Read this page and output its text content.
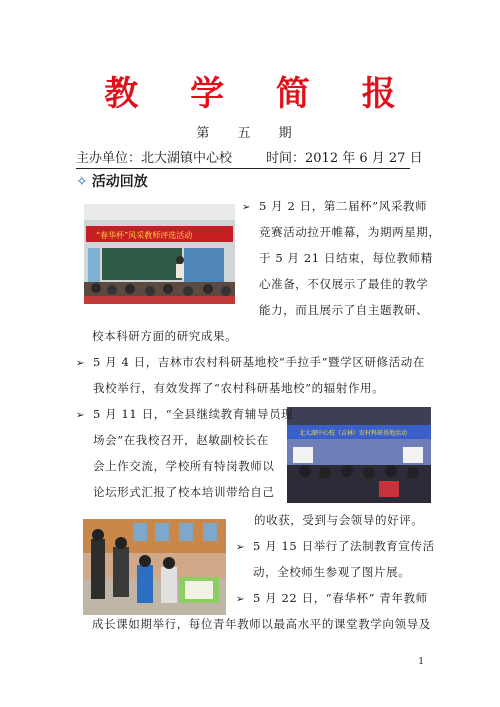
教 学 简 报
第 五 期
主办单位：北大湖镇中心校	时间：2012 年 6 月 27 日
✧ 活动回放
“春华杯”风采教师评选活动
北大湖中心校（吉林）农村科研基地活动
➢ 5 月 2 日，第二届杯”风采教师
竞赛活动拉开帷幕，为期两星期，
于 5 月 21 日结束，每位教师精
心准备，不仅展示了最佳的教学
能力，而且展示了自主题教研、
校本科研方面的研究成果。
➢ 5 月 4 日，吉林市农村科研基地校“手拉手”暨学区研修活动在
我校举行，有效发挥了“农村科研基地校”的辐射作用。
➢ 5 月 11 日，“全县继续教育辅导员现
场会”在我校召开，赵敏副校长在
会上作交流，学校所有特岗教师以
论坛形式汇报了校本培训带给自己
的收获，受到与会领导的好评。
➢ 5 月 15 日举行了法制教育宣传活
动，全校师生参观了图片展。
➢ 5 月 22 日，“春华杯” 青年教师
成长课如期举行，每位青年教师以最高水平的课堂教学向领导及
1
